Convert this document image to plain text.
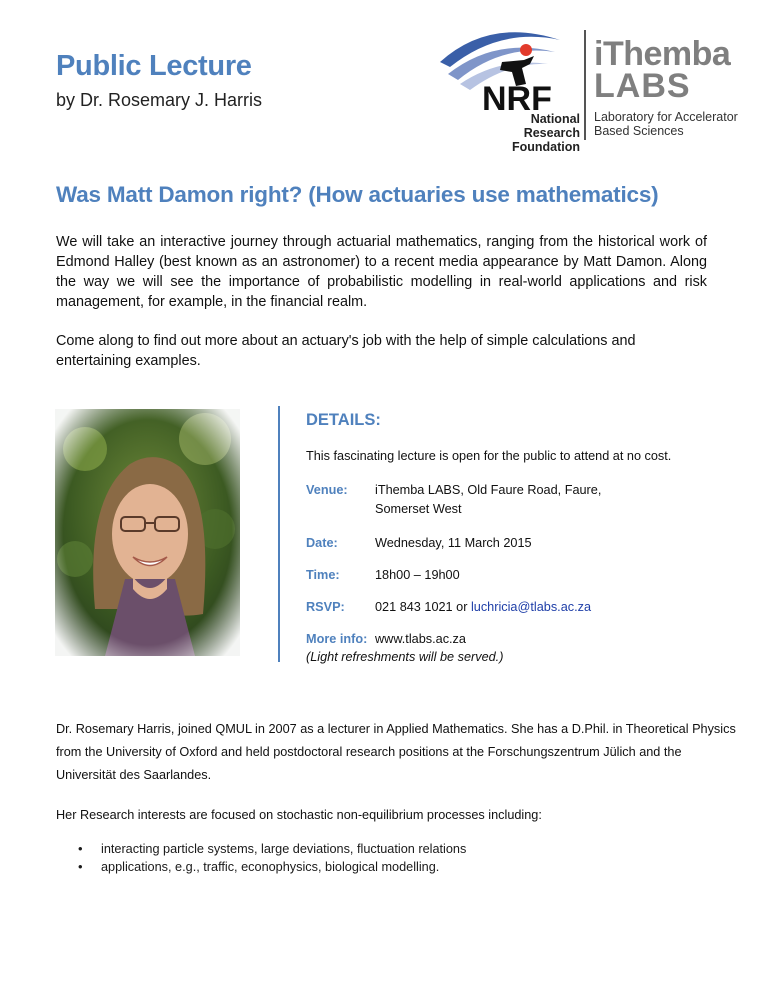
Public Lecture
by Dr. Rosemary J. Harris	NRF
National Research
Foundation
iThemba
LABS
Laboratory for Accelerator
Based Sciences
Was Matt Damon right? (How actuaries use mathematics)
We will take an interactive journey through actuarial mathematics, ranging from the historical work of Edmond Halley (best known as an astronomer) to a recent media appearance by Matt Damon. Along the way we will see the importance of probabilistic modelling in real-world applications and risk management, for example, in the financial realm.
Come along to find out more about an actuary's job with the help of simple calculations and entertaining examples.
DETAILS:
This fascinating lecture is open for the public to attend at no cost.
Venue: iThemba LABS, Old Faure Road, Faure,
Somerset West
Date:	Wednesday, 11 March 2015
Time:	18h00 – 19h00
RSVP: 021 843 1021 or luchricia@tlabs.ac.za
More info: www.tlabs.ac.za
(Light refreshments will be served.)
Dr. Rosemary Harris, joined QMUL in 2007 as a lecturer in Applied Mathematics. She has a D.Phil. in Theoretical Physics from the University of Oxford and held postdoctoral research positions at the Forschungszentrum Jülich and the Universität des Saarlandes.
Her Research interests are focused on stochastic non-equilibrium processes including:
• interacting particle systems, large deviations, fluctuation relations
• applications, e.g., traffic, econophysics, biological modelling.
